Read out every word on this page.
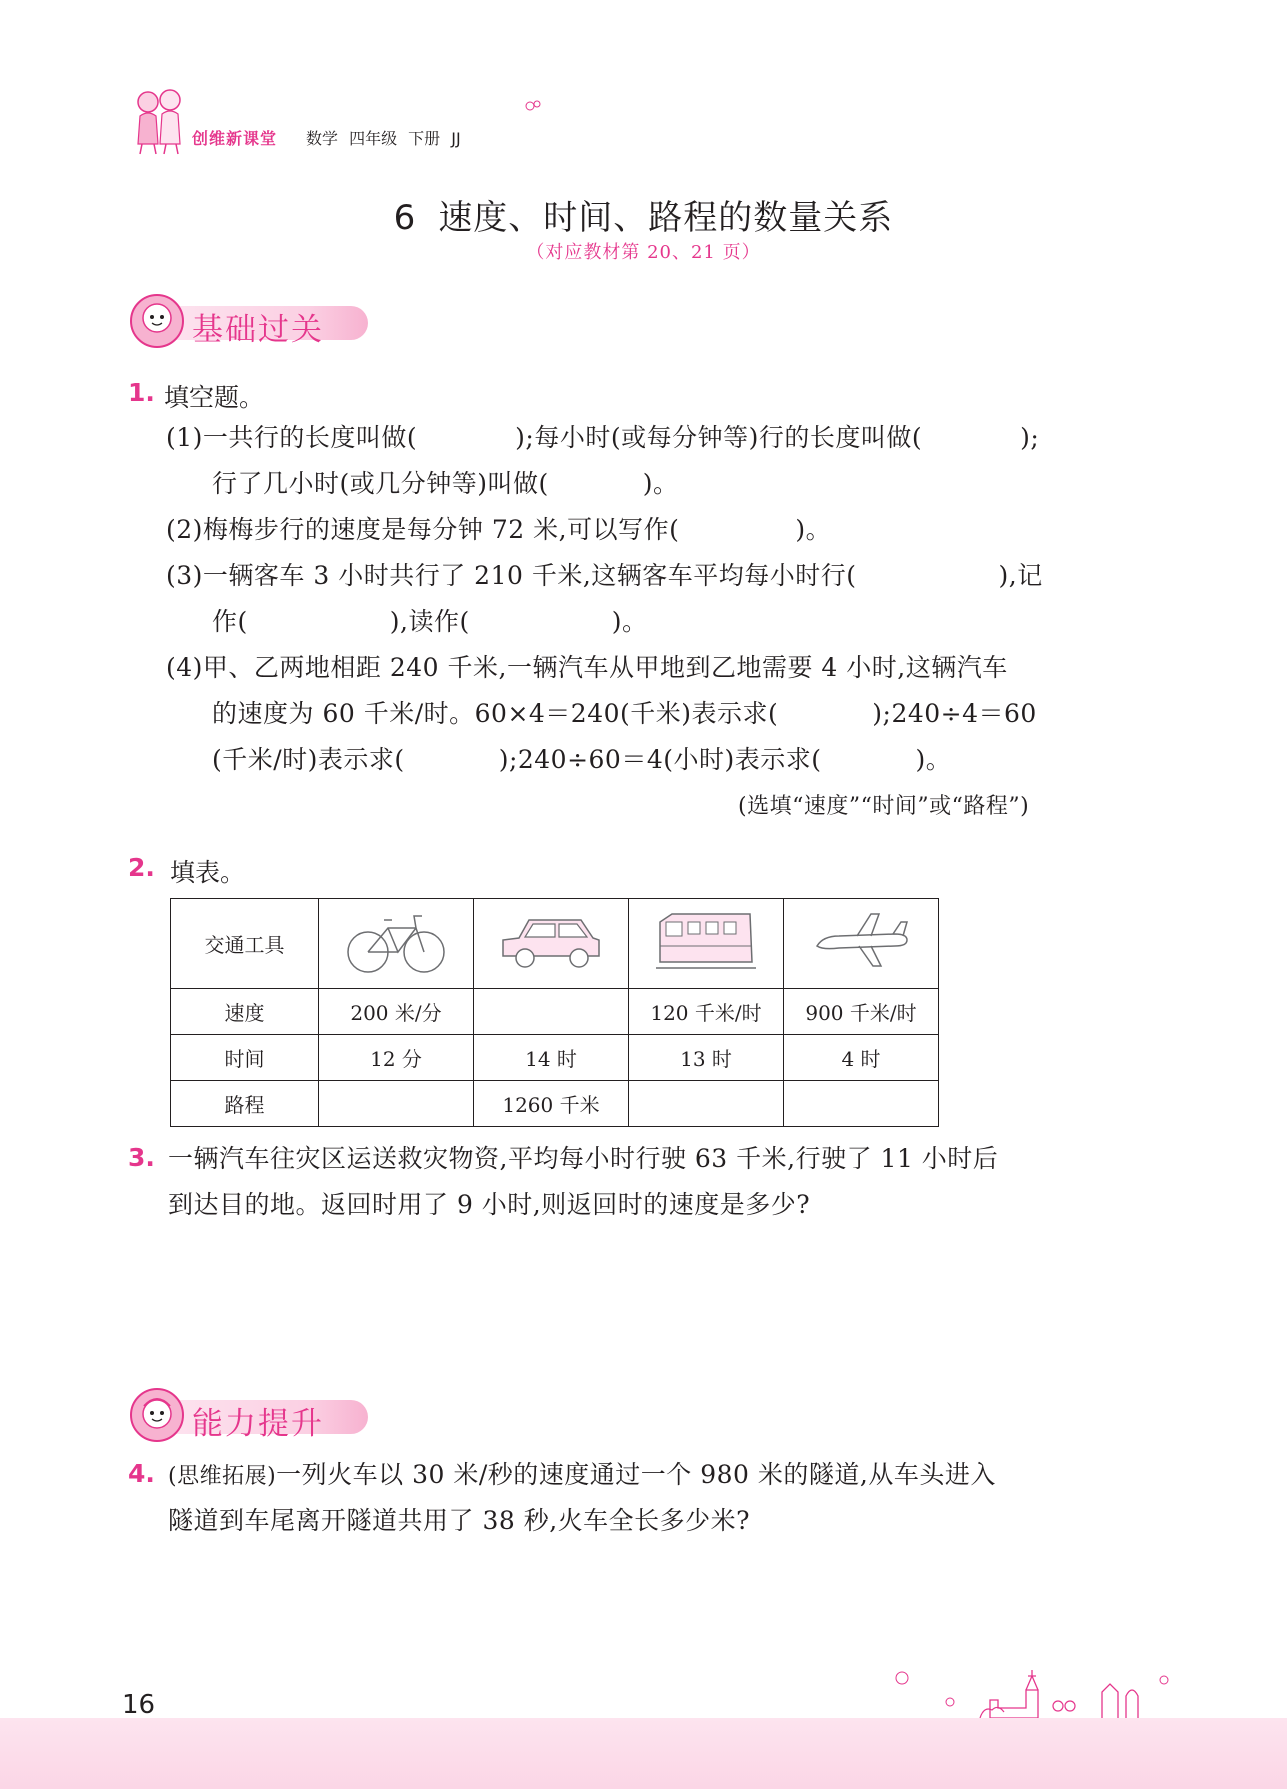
创维新课堂 数学 四年级 下册 JJ
6 速度、时间、路程的数量关系
（对应教材第 20、21 页）
基础过关
1. 填空题。
(1)一共行的长度叫做(	);每小时(或每分钟等)行的长度叫做(	);
行了几小时(或几分钟等)叫做(	)。
(2)梅梅步行的速度是每分钟 72 米,可以写作(	)。
(3)一辆客车 3 小时共行了 210 千米,这辆客车平均每小时行(	),记
作(	),读作(	)。
(4)甲、乙两地相距 240 千米,一辆汽车从甲地到乙地需要 4 小时,这辆汽车
的速度为 60 千米/时。60×4＝240(千米)表示求(	);240÷4＝60
(千米/时)表示求(	);240÷60＝4(小时)表示求(	)。
(选填“速度”“时间”或“路程”)
2. 填表。
交通工具				
速度	200 米/分		120 千米/时	900 千米/时
时间	12 分	14 时	13 时	4 时
路程		1260 千米		
3. 一辆汽车往灾区运送救灾物资,平均每小时行驶 63 千米,行驶了 11 小时后
到达目的地。返回时用了 9 小时,则返回时的速度是多少?
能力提升
4. (思维拓展)一列火车以 30 米/秒的速度通过一个 980 米的隧道,从车头进入
隧道到车尾离开隧道共用了 38 秒,火车全长多少米?
16
